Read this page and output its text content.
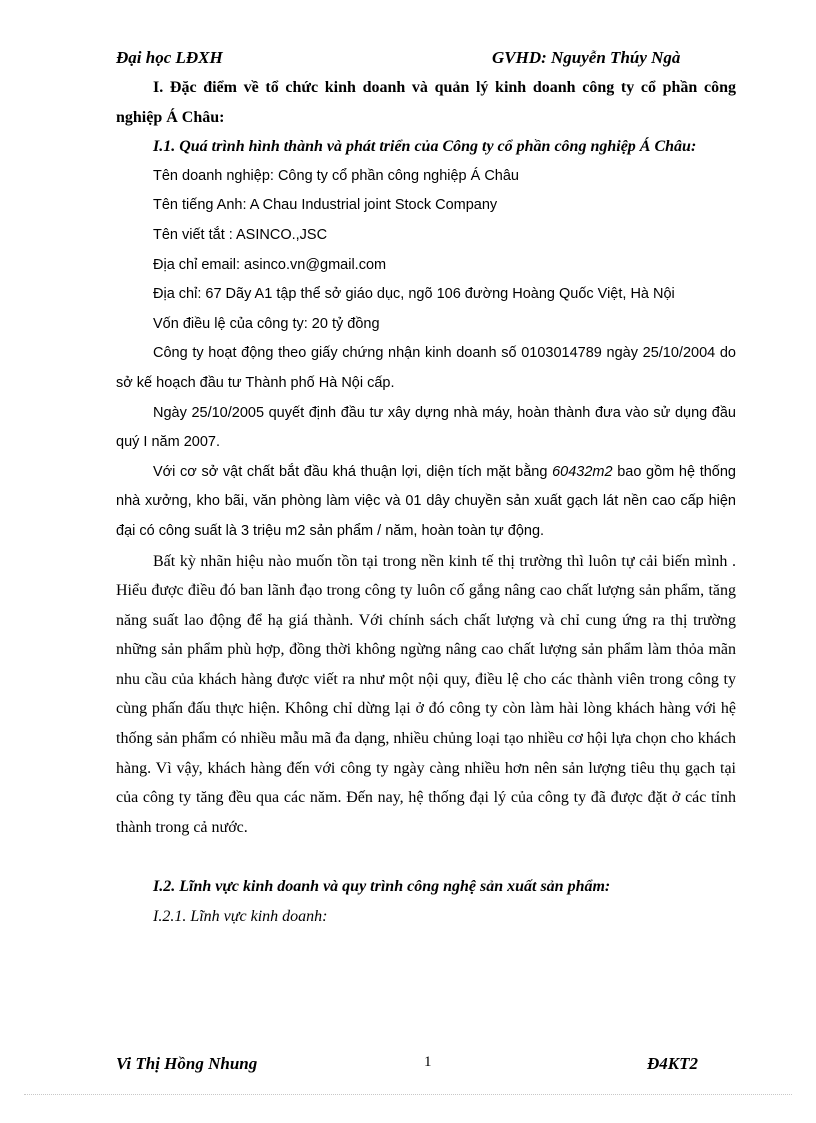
Đại học LĐXH	GVHD: Nguyễn Thúy Ngà

I. Đặc điểm về tổ chức kinh doanh và quản lý kinh doanh công ty cổ phần công nghiệp Á Châu:

I.1. Quá trình hình thành và phát triển của Công ty cổ phần công nghiệp Á Châu:

Tên doanh nghiệp: Công ty cổ phần công nghiệp Á Châu

Tên tiếng Anh: A Chau Industrial joint Stock Company

Tên viết tắt : ASINCO.,JSC

Địa chỉ email: asinco.vn@gmail.com

Địa chỉ: 67 Dãy A1 tập thể sở giáo dục, ngõ 106 đường Hoàng Quốc Việt, Hà Nội

Vốn điều lệ của công ty: 20 tỷ đồng

Công ty hoạt động theo giấy chứng nhận kinh doanh số 0103014789 ngày 25/10/2004 do sở kế hoạch đầu tư Thành phố Hà Nội cấp.

Ngày 25/10/2005 quyết định đầu tư xây dựng nhà máy, hoàn thành đưa vào sử dụng đầu quý I năm 2007.

Với cơ sở vật chất bắt đầu khá thuận lợi, diện tích mặt bằng 60432m2 bao gồm hệ thống nhà xưởng, kho bãi, văn phòng làm việc và 01 dây chuyền sản xuất gạch lát nền cao cấp hiện đại có công suất là 3 triệu m2 sản phẩm / năm, hoàn toàn tự động.

Bất kỳ nhãn hiệu nào muốn tồn tại trong nền kinh tế thị trường thì luôn tự cải biến mình . Hiểu được điều đó ban lãnh đạo trong công ty luôn cố gắng nâng cao chất lượng sản phẩm, tăng năng suất lao động để hạ giá thành. Với chính sách chất lượng và chỉ cung ứng ra thị trường những sản phẩm phù hợp, đồng thời không ngừng nâng cao chất lượng sản phẩm làm thỏa mãn nhu cầu của khách hàng được viết ra như một nội quy, điều lệ cho các thành viên trong công ty cùng phấn đấu thực hiện. Không chỉ dừng lại ở đó công ty còn làm hài lòng khách hàng với hệ thống sản phẩm có nhiều mẫu mã đa dạng, nhiều chủng loại tạo nhiều cơ hội lựa chọn cho khách hàng. Vì vậy, khách hàng đến với công ty ngày càng nhiều hơn nên sản lượng tiêu thụ gạch tại của công ty tăng đều qua các năm. Đến nay, hệ thống đại lý của công ty đã được đặt ở các tỉnh thành trong cả nước.

I.2. Lĩnh vực kinh doanh và quy trình công nghệ sản xuất sản phẩm:

I.2.1. Lĩnh vực kinh doanh:

Vi Thị Hồng Nhung	1	Đ4KT2
